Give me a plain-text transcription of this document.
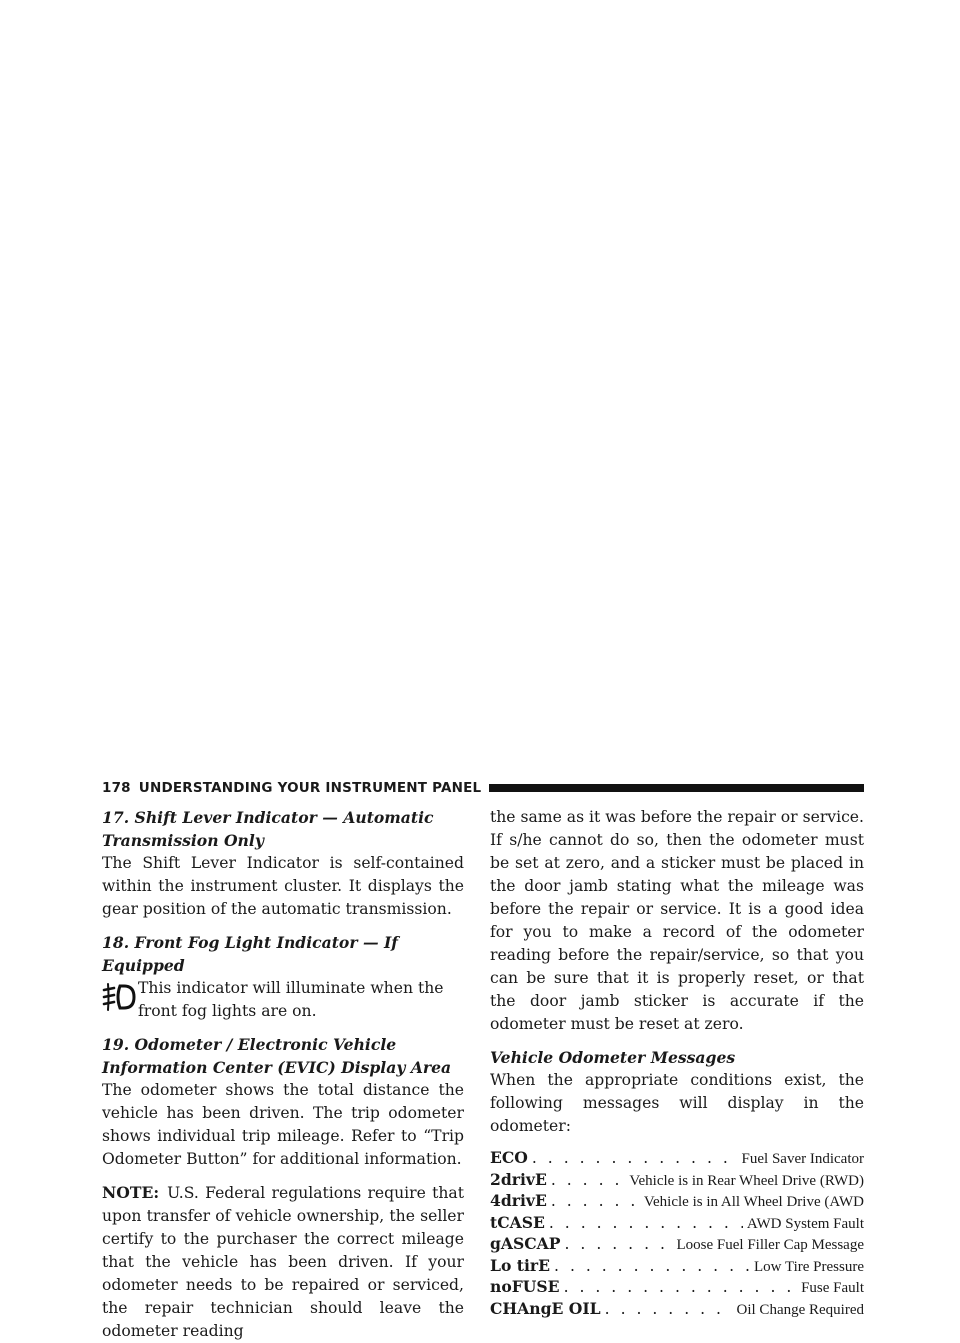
178 UNDERSTANDING YOUR INSTRUMENT PANEL
17. Shift Lever Indicator — Automatic Transmission Only

The Shift Lever Indicator is self-contained within the instrument cluster. It displays the gear position of the automatic transmission.

18. Front Fog Light Indicator — If Equipped

This indicator will illuminate when the front fog lights are on.

19. Odometer / Electronic Vehicle Information Center (EVIC) Display Area

The odometer shows the total distance the vehicle has been driven. The trip odometer shows individual trip mileage. Refer to “Trip Odometer Button” for additional information.

NOTE: U.S. Federal regulations require that upon transfer of vehicle ownership, the seller certify to the purchaser the correct mileage that the vehicle has been driven. If your odometer needs to be repaired or serviced, the repair technician should leave the odometer reading

the same as it was before the repair or service. If s/he cannot do so, then the odometer must be set at zero, and a sticker must be placed in the door jamb stating what the mileage was before the repair or service. It is a good idea for you to make a record of the odometer reading before the repair/service, so that you can be sure that it is properly reset, or that the door jamb sticker is accurate if the odometer must be reset at zero.

Vehicle Odometer Messages

When the appropriate conditions exist, the following messages will display in the odometer:

ECO . . .	Fuel Saver Indicator
2drivE . . .	Vehicle is in Rear Wheel Drive (RWD)
4drivE . . .	Vehicle is in All Wheel Drive (AWD
tCASE . . .	AWD System Fault
gASCAP . . .	Loose Fuel Filler Cap Message
Lo tirE . . .	Low Tire Pressure
noFUSE . . .	Fuse Fault
CHAngE OIL . . .	Oil Change Required
